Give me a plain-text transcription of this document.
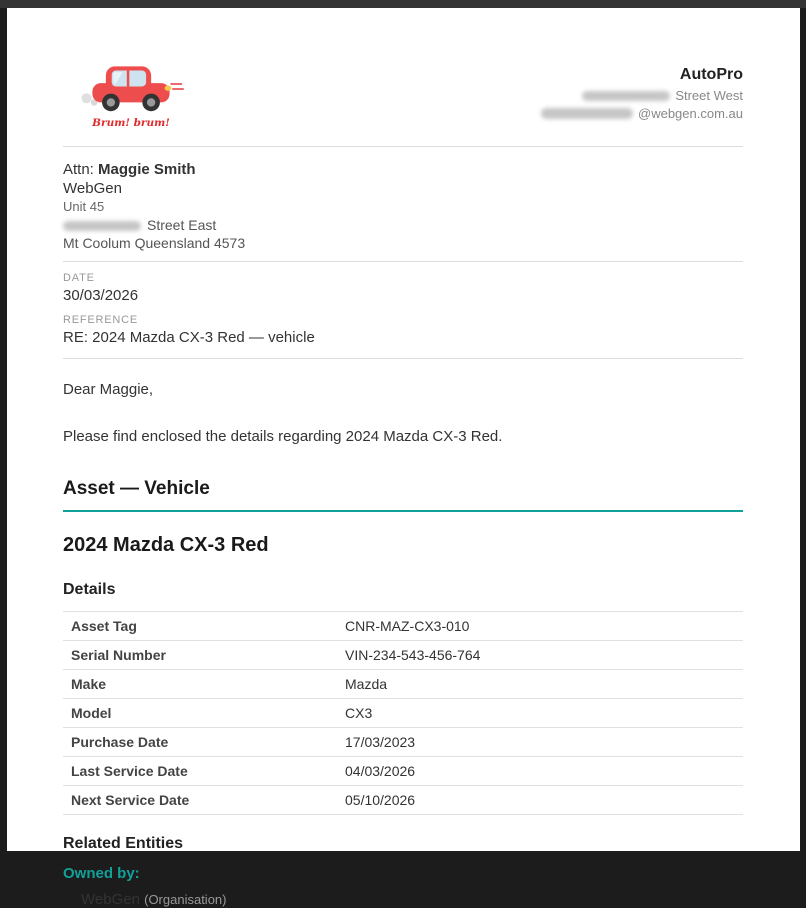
Brum! brum!
AutoPro
Street West
@webgen.com.au
Attn: Maggie Smith
WebGen
Unit 45
Street East
Mt Coolum Queensland 4573
DATE
30/03/2026
REFERENCE
RE: 2024 Mazda CX-3 Red — vehicle

Dear Maggie,

Please find enclosed the details regarding 2024 Mazda CX-3 Red.

Asset — Vehicle
2024 Mazda CX-3 Red
Details
Asset Tag	CNR-MAZ-CX3-010
Serial Number	VIN-234-543-456-764
Make	Mazda
Model	CX3
Purchase Date	17/03/2023
Last Service Date	04/03/2026
Next Service Date	05/10/2026
Related Entities
Owned by:
WebGen (Organisation)
